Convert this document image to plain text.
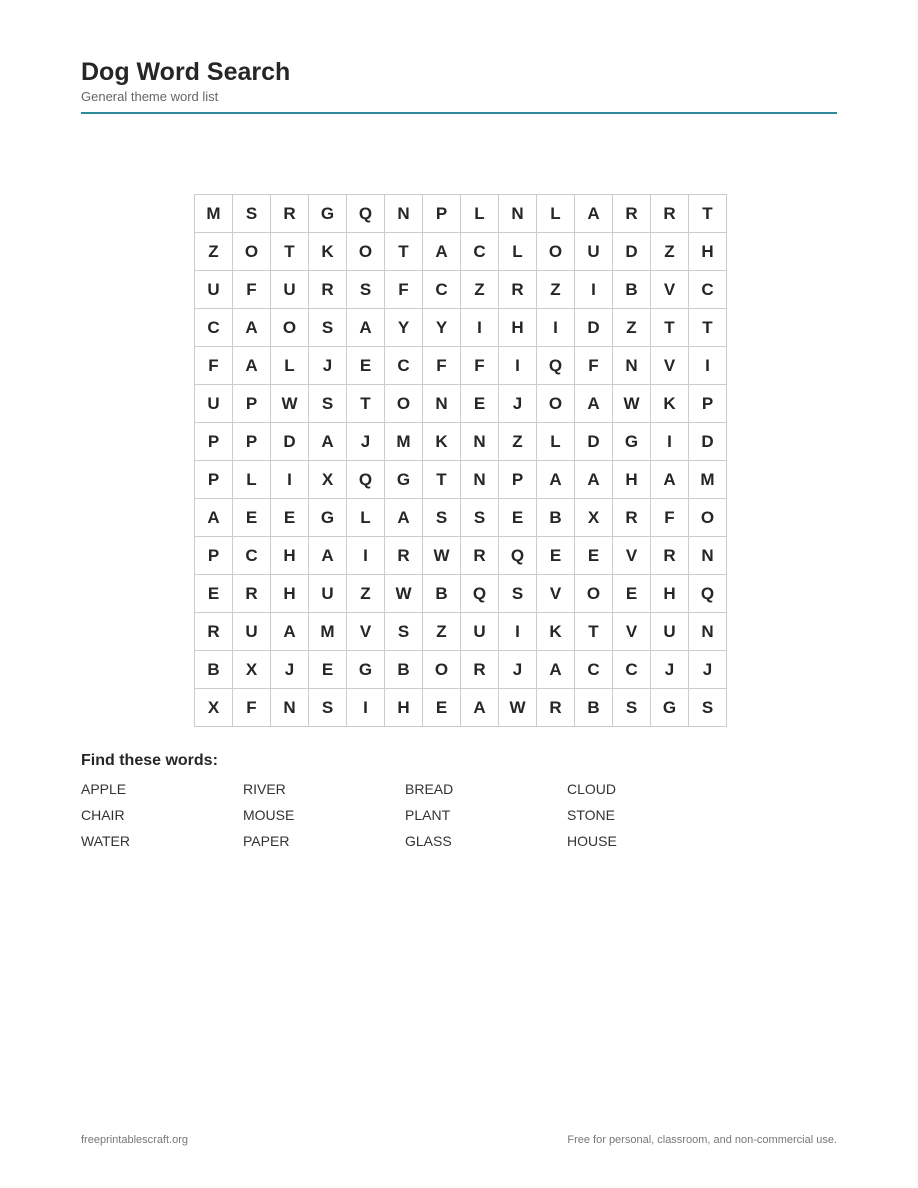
Dog Word Search
General theme word list
M	S	R	G	Q	N	P	L	N	L	A	R	R	T
Z	O	T	K	O	T	A	C	L	O	U	D	Z	H
U	F	U	R	S	F	C	Z	R	Z	I	B	V	C
C	A	O	S	A	Y	Y	I	H	I	D	Z	T	T
F	A	L	J	E	C	F	F	I	Q	F	N	V	I
U	P	W	S	T	O	N	E	J	O	A	W	K	P
P	P	D	A	J	M	K	N	Z	L	D	G	I	D
P	L	I	X	Q	G	T	N	P	A	A	H	A	M
A	E	E	G	L	A	S	S	E	B	X	R	F	O
P	C	H	A	I	R	W	R	Q	E	E	V	R	N
E	R	H	U	Z	W	B	Q	S	V	O	E	H	Q
R	U	A	M	V	S	Z	U	I	K	T	V	U	N
B	X	J	E	G	B	O	R	J	A	C	C	J	J
X	F	N	S	I	H	E	A	W	R	B	S	G	S
Find these words:
APPLE	RIVER	BREAD	CLOUD
CHAIR	MOUSE	PLANT	STONE
WATER	PAPER	GLASS	HOUSE
freeprintablescraft.org	Free for personal, classroom, and non-commercial use.
